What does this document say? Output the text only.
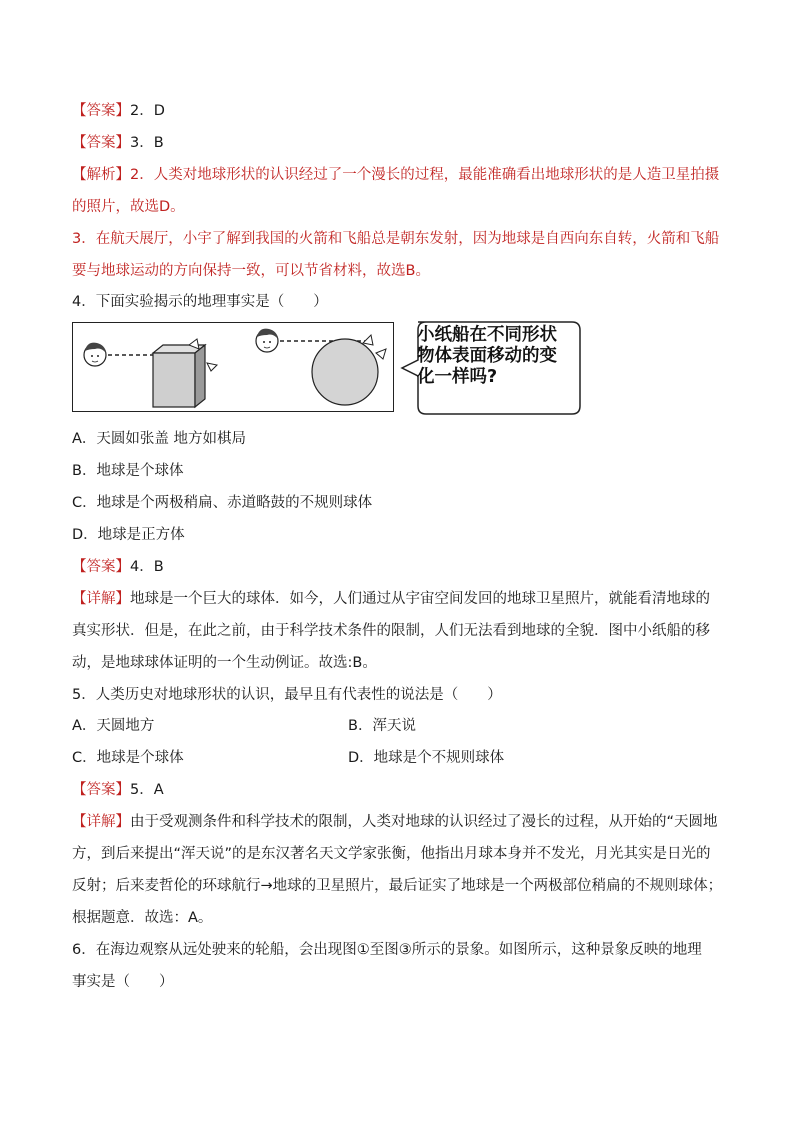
【答案】2．D
【答案】3．B
【解析】2．人类对地球形状的认识经过了一个漫长的过程，最能准确看出地球形状的是人造卫星拍摄
的照片，故选D。
3．在航天展厅，小宇了解到我国的火箭和飞船总是朝东发射，因为地球是自西向东自转，火箭和飞船
要与地球运动的方向保持一致，可以节省材料，故选B。
4．下面实验揭示的地理事实是（　　）
小纸船在不同形状物体表面移动的变化一样吗?
A．天圆如张盖 地方如棋局
B．地球是个球体
C．地球是个两极稍扁、赤道略鼓的不规则球体
D．地球是正方体
【答案】4．B
【详解】地球是一个巨大的球体．如今，人们通过从宇宙空间发回的地球卫星照片，就能看清地球的
真实形状．但是，在此之前，由于科学技术条件的限制，人们无法看到地球的全貌．图中小纸船的移
动，是地球球体证明的一个生动例证。故选:B。
5．人类历史对地球形状的认识，最早且有代表性的说法是（　　）
A．天圆地方	B．浑天说
C．地球是个球体	D．地球是个不规则球体
【答案】5．A
【详解】由于受观测条件和科学技术的限制，人类对地球的认识经过了漫长的过程，从开始的“天圆地
方，到后来提出“浑天说”的是东汉著名天文学家张衡，他指出月球本身并不发光，月光其实是日光的
反射；后来麦哲伦的环球航行→地球的卫星照片，最后证实了地球是一个两极部位稍扁的不规则球体；
根据题意．故选：A。
6．在海边观察从远处驶来的轮船，会出现图①至图③所示的景象。如图所示，这种景象反映的地理
事实是（　　）
